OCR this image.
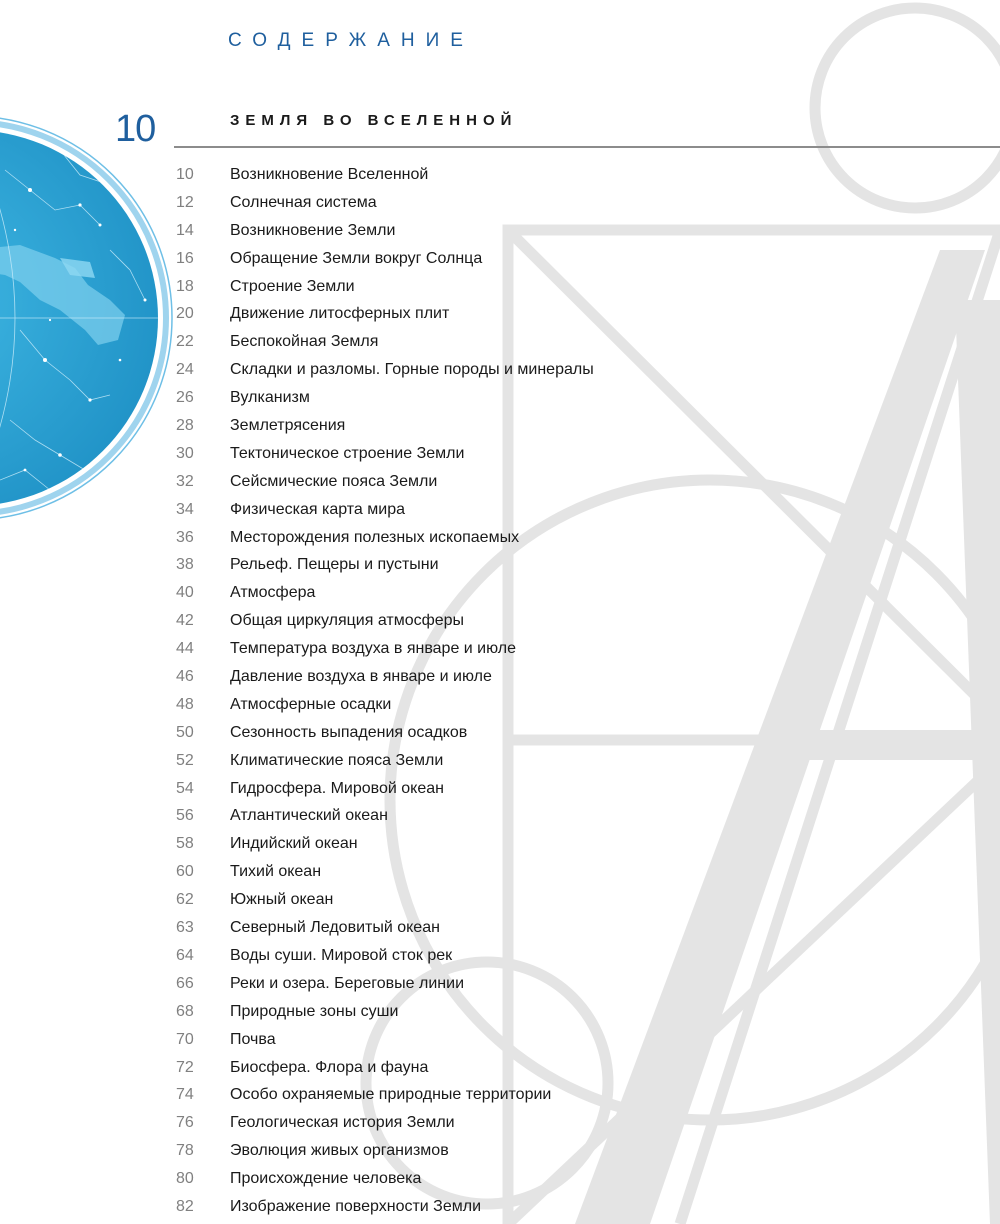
СОДЕРЖАНИЕ
10	ЗЕМЛЯ ВО ВСЕЛЕННОЙ
10 Возникновение Вселенной
12 Солнечная система
14 Возникновение Земли
16 Обращение Земли вокруг Солнца
18 Строение Земли
20 Движение литосферных плит
22 Беспокойная Земля
24 Складки и разломы. Горные породы и минералы
26 Вулканизм
28 Землетрясения
30 Тектоническое строение Земли
32 Сейсмические пояса Земли
34 Физическая карта мира
36 Месторождения полезных ископаемых
38 Рельеф. Пещеры и пустыни
40 Атмосфера
42 Общая циркуляция атмосферы
44 Температура воздуха в январе и июле
46 Давление воздуха в январе и июле
48 Атмосферные осадки
50 Сезонность выпадения осадков
52 Климатические пояса Земли
54 Гидросфера. Мировой океан
56 Атлантический океан
58 Индийский океан
60 Тихий океан
62 Южный океан
63 Северный Ледовитый океан
64 Воды суши. Мировой сток рек
66 Реки и озера. Береговые линии
68 Природные зоны суши
70 Почва
72 Биосфера. Флора и фауна
74 Особо охраняемые природные территории
76 Геологическая история Земли
78 Эволюция живых организмов
80 Происхождение человека
82 Изображение поверхности Земли
